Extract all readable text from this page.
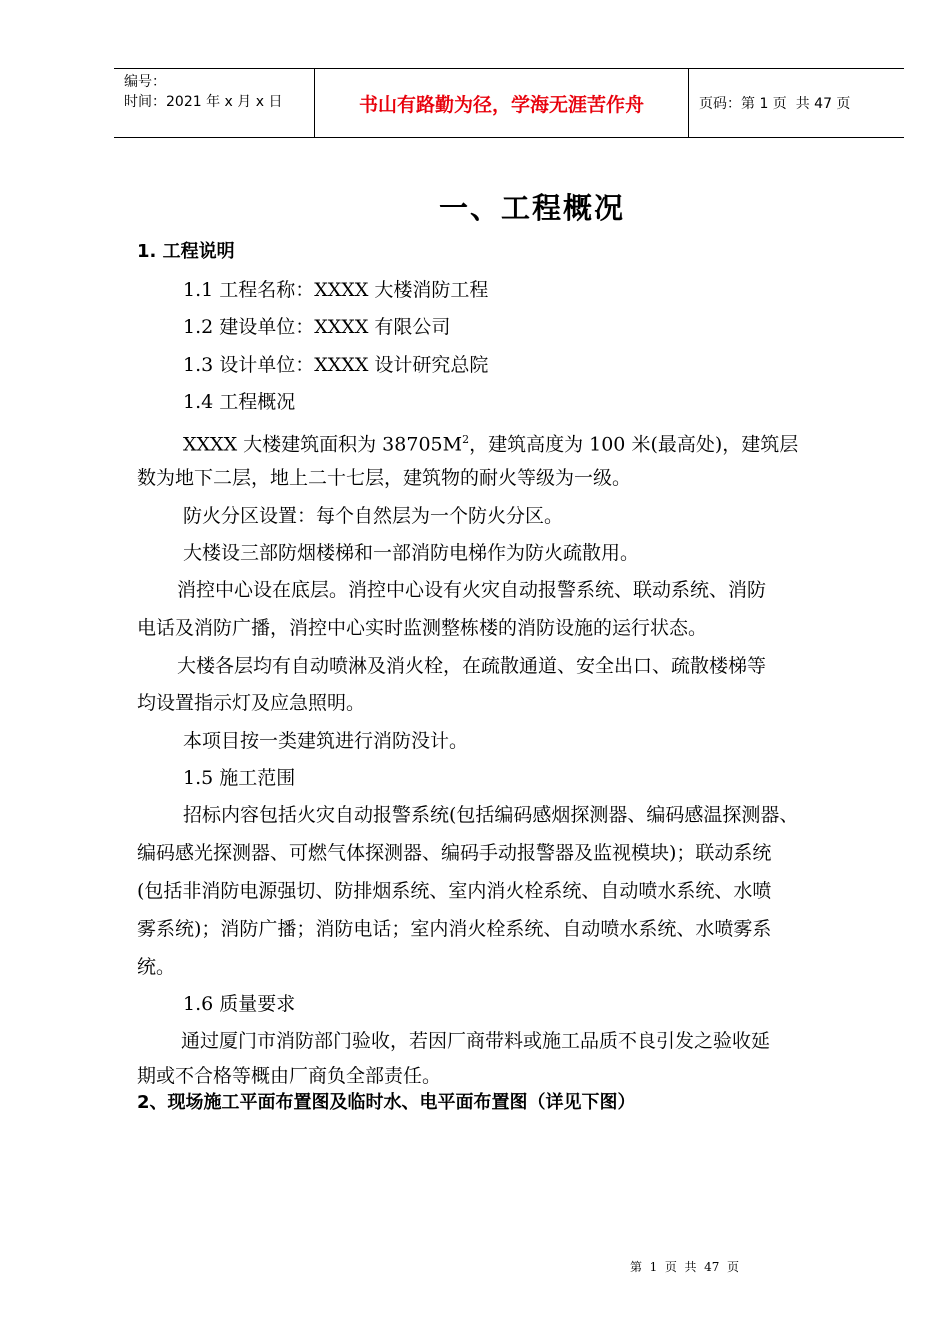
编号：
时间：2021 年 x 月 x 日	书山有路勤为径，学海无涯苦作舟	页码：第 1 页  共 47 页
一、工程概况
1. 工程说明
1.1 工程名称：XXXX 大楼消防工程
1.2 建设单位：XXXX 有限公司
1.3 设计单位：XXXX 设计研究总院
1.4 工程概况
XXXX 大楼建筑面积为 $38705M^2$，建筑高度为 100 米(最高处)，建筑层
数为地下二层，地上二十七层，建筑物的耐火等级为一级。
防火分区设置：每个自然层为一个防火分区。
大楼设三部防烟楼梯和一部消防电梯作为防火疏散用。
消控中心设在底层。消控中心设有火灾自动报警系统、联动系统、消防
电话及消防广播，消控中心实时监测整栋楼的消防设施的运行状态。
大楼各层均有自动喷淋及消火栓，在疏散通道、安全出口、疏散楼梯等
均设置指示灯及应急照明。
本项目按一类建筑进行消防没计。
1.5 施工范围
招标内容包括火灾自动报警系统(包括编码感烟探测器、编码感温探测器、
编码感光探测器、可燃气体探测器、编码手动报警器及监视模块)；联动系统
(包括非消防电源强切、防排烟系统、室内消火栓系统、自动喷水系统、水喷
雾系统)；消防广播；消防电话；室内消火栓系统、自动喷水系统、水喷雾系
统。
1.6 质量要求
通过厦门市消防部门验收，若因厂商带料或施工品质不良引发之验收延
期或不合格等概由厂商负全部责任。
2、现场施工平面布置图及临时水、电平面布置图（详见下图）
第  1  页  共  47  页
